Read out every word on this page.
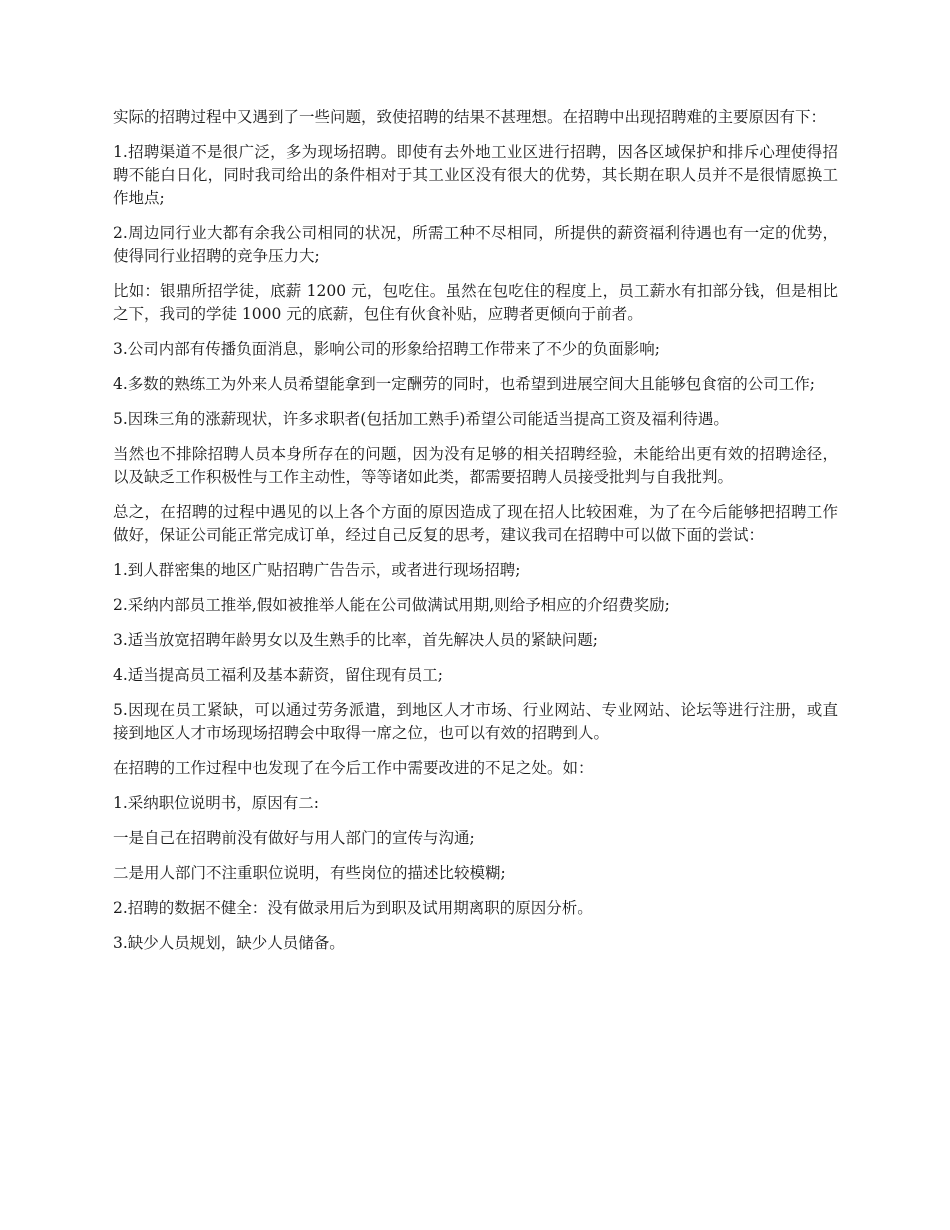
实际的招聘过程中又遇到了一些问题，致使招聘的结果不甚理想。在招聘中出现招聘难的主要原因有下：

1.招聘渠道不是很广泛，多为现场招聘。即使有去外地工业区进行招聘，因各区域保护和排斥心理使得招聘不能白日化，同时我司给出的条件相对于其工业区没有很大的优势，其长期在职人员并不是很情愿换工作地点;

2.周边同行业大都有余我公司相同的状况，所需工种不尽相同，所提供的薪资福利待遇也有一定的优势，使得同行业招聘的竞争压力大;

比如：银鼎所招学徒，底薪 1200 元，包吃住。虽然在包吃住的程度上，员工薪水有扣部分钱，但是相比之下，我司的学徒 1000 元的底薪，包住有伙食补贴，应聘者更倾向于前者。

3.公司内部有传播负面消息，影响公司的形象给招聘工作带来了不少的负面影响;

4.多数的熟练工为外来人员希望能拿到一定酬劳的同时，也希望到进展空间大且能够包食宿的公司工作;

5.因珠三角的涨薪现状，许多求职者(包括加工熟手)希望公司能适当提高工资及福利待遇。

当然也不排除招聘人员本身所存在的问题，因为没有足够的相关招聘经验，未能给出更有效的招聘途径，以及缺乏工作积极性与工作主动性，等等诸如此类，都需要招聘人员接受批判与自我批判。

总之，在招聘的过程中遇见的以上各个方面的原因造成了现在招人比较困难，为了在今后能够把招聘工作做好，保证公司能正常完成订单，经过自己反复的思考，建议我司在招聘中可以做下面的尝试：

1.到人群密集的地区广贴招聘广告告示，或者进行现场招聘;

2.采纳内部员工推举,假如被推举人能在公司做满试用期,则给予相应的介绍费奖励;

3.适当放宽招聘年龄男女以及生熟手的比率，首先解决人员的紧缺问题;

4.适当提高员工福利及基本薪资，留住现有员工;

5.因现在员工紧缺，可以通过劳务派遣，到地区人才市场、行业网站、专业网站、论坛等进行注册，或直接到地区人才市场现场招聘会中取得一席之位，也可以有效的招聘到人。

在招聘的工作过程中也发现了在今后工作中需要改进的不足之处。如：

1.采纳职位说明书，原因有二:

一是自己在招聘前没有做好与用人部门的宣传与沟通;

二是用人部门不注重职位说明，有些岗位的描述比较模糊;

2.招聘的数据不健全：没有做录用后为到职及试用期离职的原因分析。

3.缺少人员规划，缺少人员储备。
